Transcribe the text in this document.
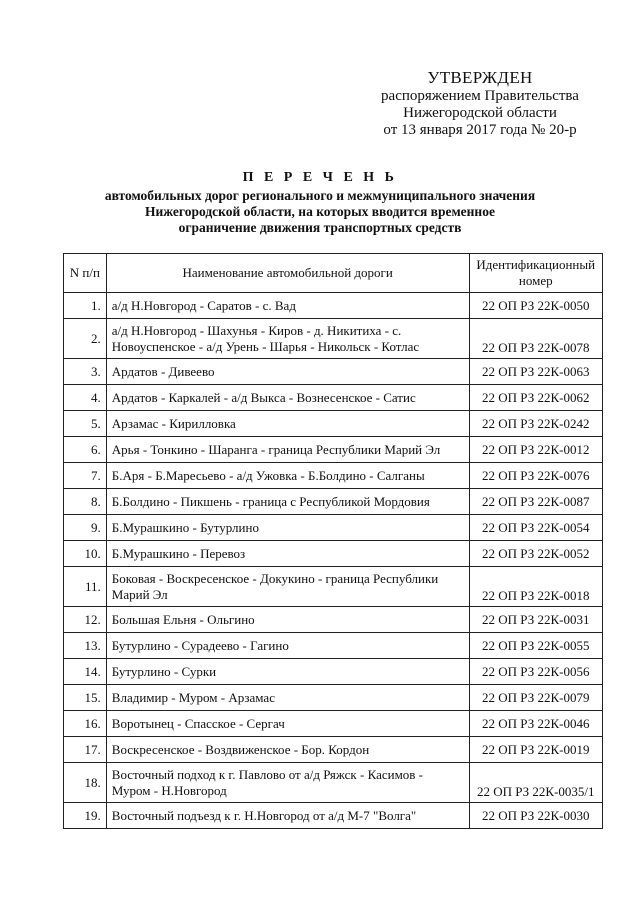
УТВЕРЖДЕН
распоряжением Правительства
Нижегородской области
от 13 января 2017 года № 20-р
П Е Р Е Ч Е Н Ь
автомобильных дорог регионального и межмуниципального значения
Нижегородской области, на которых вводится временное
ограничение движения транспортных средств
N п/п	Наименование автомобильной дороги	Идентификационный номер
1.	а/д Н.Новгород - Саратов - с. Вад	22 ОП РЗ 22К-0050
2.	а/д Н.Новгород - Шахунья - Киров - д. Никитиха - с. Новоуспенское - а/д Урень - Шарья - Никольск - Котлас	22 ОП РЗ 22К-0078
3.	Ардатов - Дивеево	22 ОП РЗ 22К-0063
4.	Ардатов - Каркалей - а/д Выкса - Вознесенское - Сатис	22 ОП РЗ 22К-0062
5.	Арзамас - Кирилловка	22 ОП РЗ 22К-0242
6.	Арья - Тонкино - Шаранга - граница Республики Марий Эл	22 ОП РЗ 22К-0012
7.	Б.Аря - Б.Маресьево - а/д Ужовка - Б.Болдино - Салганы	22 ОП РЗ 22К-0076
8.	Б.Болдино - Пикшень - граница с Республикой Мордовия	22 ОП РЗ 22К-0087
9.	Б.Мурашкино - Бутурлино	22 ОП РЗ 22К-0054
10.	Б.Мурашкино - Перевоз	22 ОП РЗ 22К-0052
11.	Боковая - Воскресенское - Докукино - граница Республики Марий Эл	22 ОП РЗ 22К-0018
12.	Большая Ельня - Ольгино	22 ОП РЗ 22К-0031
13.	Бутурлино - Сурадеево - Гагино	22 ОП РЗ 22К-0055
14.	Бутурлино - Сурки	22 ОП РЗ 22К-0056
15.	Владимир - Муром - Арзамас	22 ОП РЗ 22К-0079
16.	Воротынец - Спасское - Сергач	22 ОП РЗ 22К-0046
17.	Воскресенское - Воздвиженское - Бор. Кордон	22 ОП РЗ 22К-0019
18.	Восточный подход к г. Павлово от а/д Ряжск - Касимов - Муром - Н.Новгород	22 ОП РЗ 22К-0035/1
19.	Восточный подъезд к г. Н.Новгород от а/д М-7 "Волга"	22 ОП РЗ 22К-0030
